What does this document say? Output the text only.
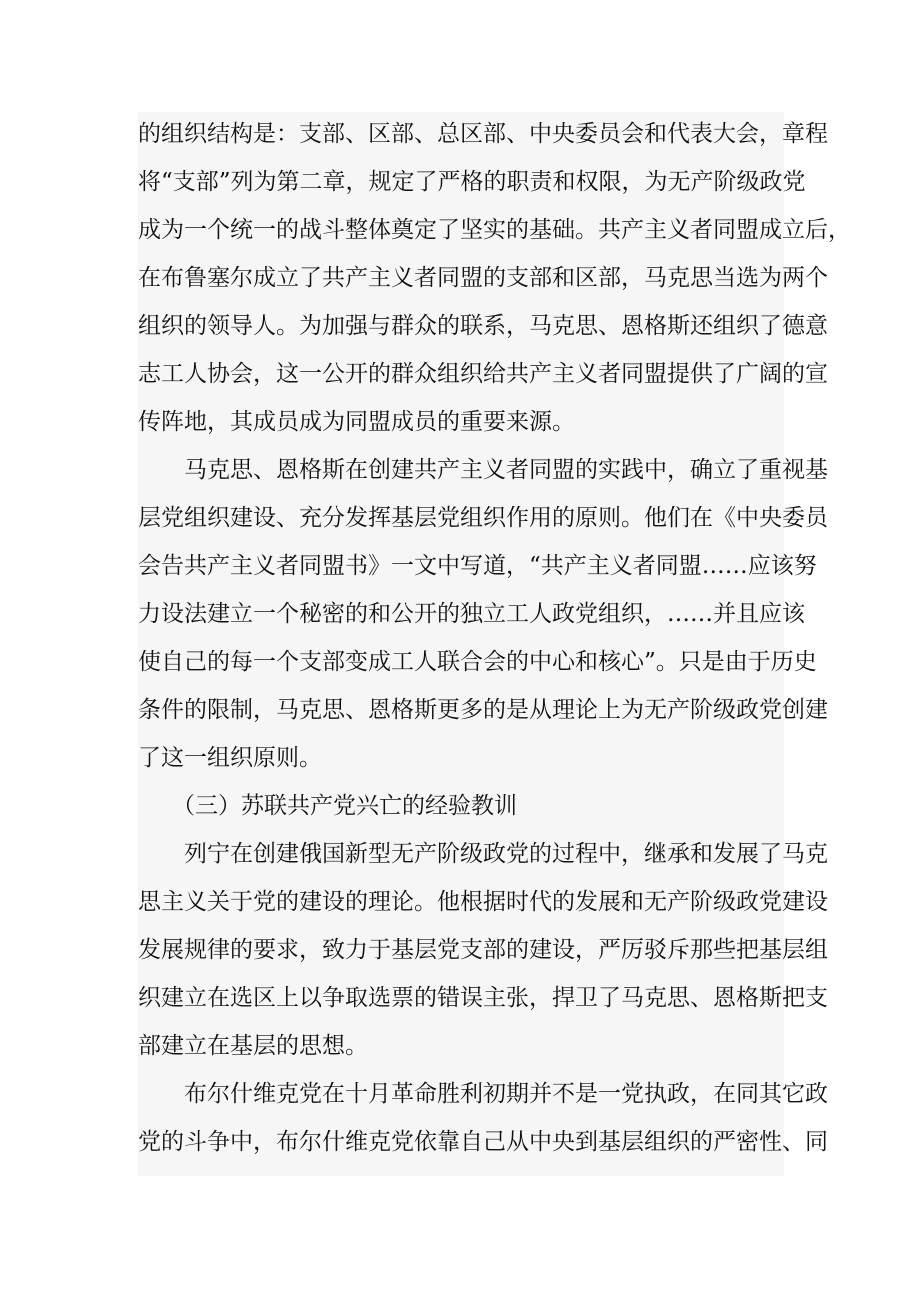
的组织结构是：支部、区部、总区部、中央委员会和代表大会，章程
将“支部”列为第二章，规定了严格的职责和权限，为无产阶级政党
成为一个统一的战斗整体奠定了坚实的基础。共产主义者同盟成立后，
在布鲁塞尔成立了共产主义者同盟的支部和区部，马克思当选为两个
组织的领导人。为加强与群众的联系，马克思、恩格斯还组织了德意
志工人协会，这一公开的群众组织给共产主义者同盟提供了广阔的宣
传阵地，其成员成为同盟成员的重要来源。
马克思、恩格斯在创建共产主义者同盟的实践中，确立了重视基
层党组织建设、充分发挥基层党组织作用的原则。他们在《中央委员
会告共产主义者同盟书》一文中写道，“共产主义者同盟……应该努
力设法建立一个秘密的和公开的独立工人政党组织，……并且应该
使自己的每一个支部变成工人联合会的中心和核心”。只是由于历史
条件的限制，马克思、恩格斯更多的是从理论上为无产阶级政党创建
了这一组织原则。
（三）苏联共产党兴亡的经验教训
列宁在创建俄国新型无产阶级政党的过程中，继承和发展了马克
思主义关于党的建设的理论。他根据时代的发展和无产阶级政党建设
发展规律的要求，致力于基层党支部的建设，严厉驳斥那些把基层组
织建立在选区上以争取选票的错误主张，捍卫了马克思、恩格斯把支
部建立在基层的思想。
布尔什维克党在十月革命胜利初期并不是一党执政，在同其它政
党的斗争中，布尔什维克党依靠自己从中央到基层组织的严密性、同
